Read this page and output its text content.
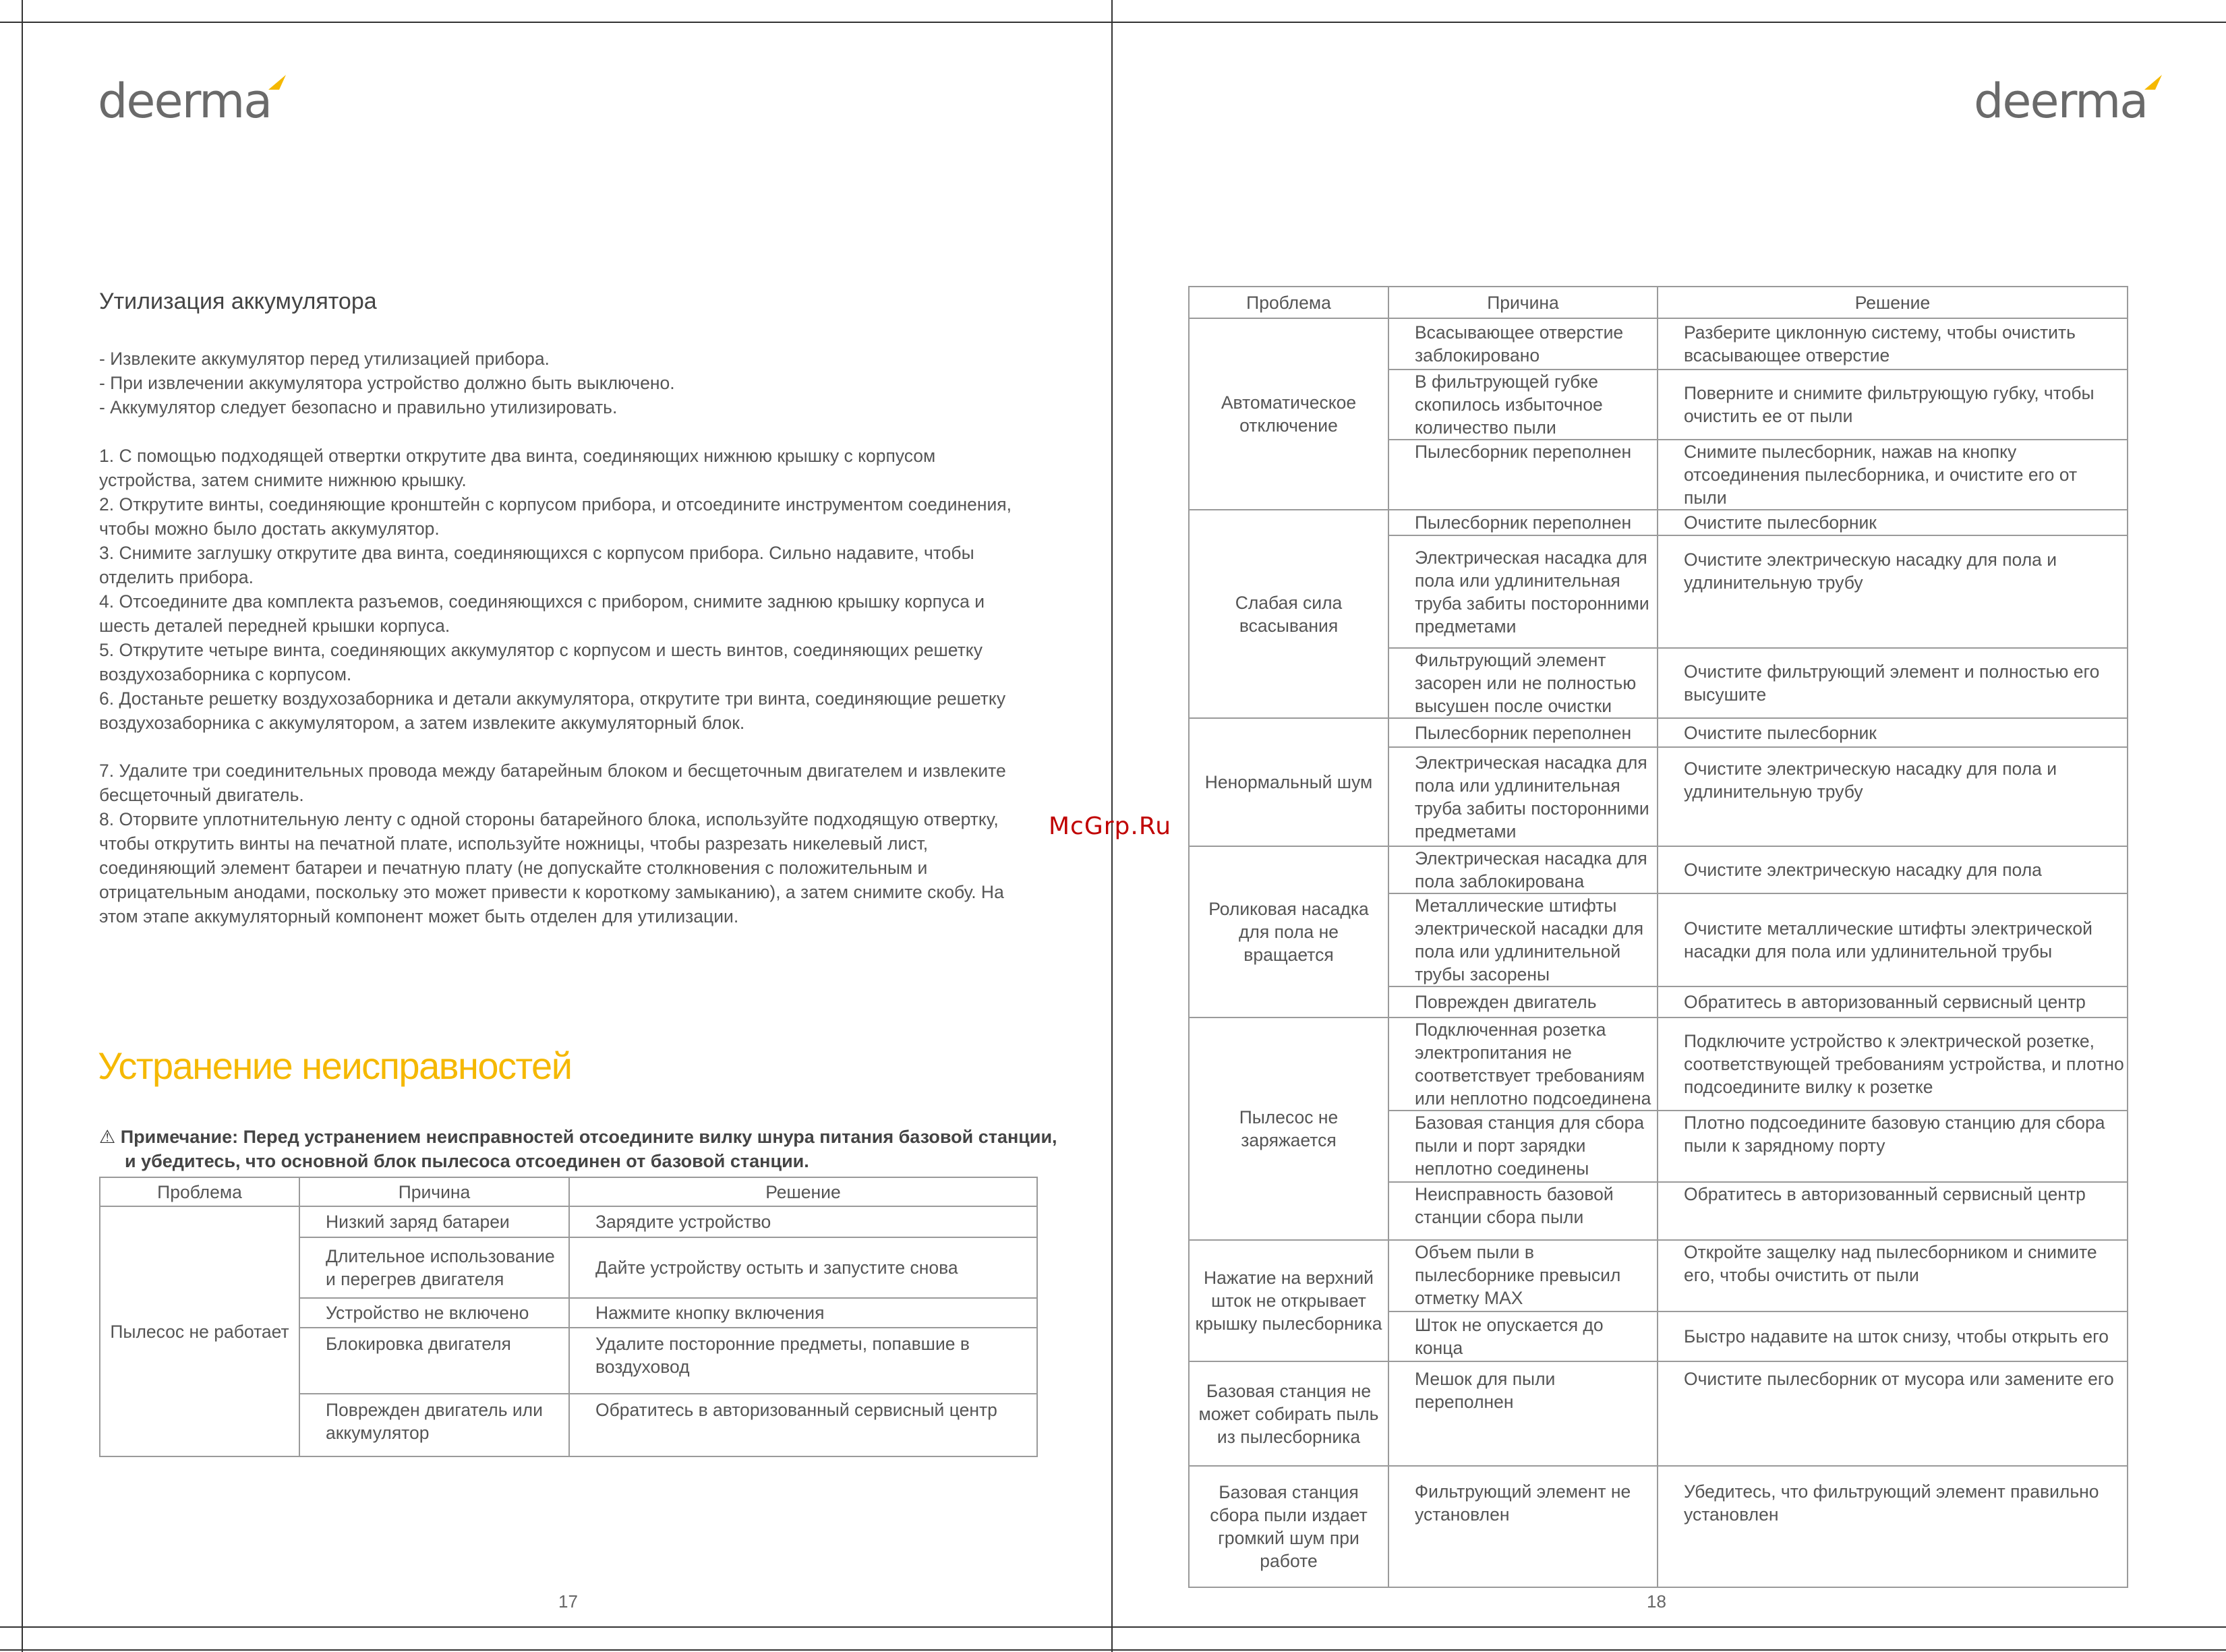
deerma
Утилизация аккумулятора

- Извлеките аккумулятор перед утилизацией прибора.

- При извлечении аккумулятора устройство должно быть выключено.

- Аккумулятор следует безопасно и правильно утилизировать.

1. С помощью подходящей отвертки открутите два винта, соединяющих нижнюю крышку с корпусом устройства, затем снимите нижнюю крышку.

2. Открутите винты, соединяющие кронштейн с корпусом прибора, и отсоедините инструментом соединения, чтобы можно было достать аккумулятор.

3. Снимите заглушку открутите два винта, соединяющихся с корпусом прибора. Сильно надавите, чтобы отделить прибора.

4. Отсоедините два комплекта разъемов, соединяющихся с прибором, снимите заднюю крышку корпуса и шесть деталей передней крышки корпуса.

5. Открутите четыре винта, соединяющих аккумулятор с корпусом и шесть винтов, соединяющих решетку воздухозаборника с корпусом.

6. Достаньте решетку воздухозаборника и детали аккумулятора, открутите три винта, соединяющие решетку воздухозаборника с аккумулятором, а затем извлеките аккумуляторный блок.

7. Удалите три соединительных провода между батарейным блоком и бесщеточным двигателем и извлеките бесщеточный двигатель.

8. Оторвите уплотнительную ленту с одной стороны батарейного блока, используйте подходящую отвертку, чтобы открутить винты на печатной плате, используйте ножницы, чтобы разрезать никелевый лист, соединяющий элемент батареи и печатную плату (не допускайте столкновения с положительным и отрицательным анодами, поскольку это может привести к короткому замыканию), а затем снимите скобу. На этом этапе аккумуляторный компонент может быть отделен для утилизации.

Устранение неисправностей
⚠ Примечание: Перед устранением неисправностей отсоедините вилку шнура питания базовой станции,
и убедитесь, что основной блок пылесоса отсоединен от базовой станции.
Проблема	Причина	Решение
Пылесос не работает	Низкий заряд батареи	Зарядите устройство
	Длительное использование и перегрев двигателя	Дайте устройству остыть и запустите снова
	Устройство не включено	Нажмите кнопку включения
	Блокировка двигателя	Удалите посторонние предметы, попавшие в воздуховод
	Поврежден двигатель или аккумулятор	Обратитесь в авторизованный сервисный центр
17
deerma
Проблема	Причина	Решение
Автоматическое отключение	Всасывающее отверстие заблокировано	Разберите циклонную систему, чтобы очистить всасывающее отверстие
	В фильтрующей губке скопилось избыточное количество пыли	Поверните и снимите фильтрующую губку, чтобы очистить ее от пыли
	Пылесборник переполнен	Снимите пылесборник, нажав на кнопку отсоединения пылесборника, и очистите его от пыли
Слабая сила всасывания	Пылесборник переполнен	Очистите пылесборник
	Электрическая насадка для пола или удлинительная труба забиты посторонними предметами	Очистите электрическую насадку для пола и удлинительную трубу
	Фильтрующий элемент засорен или не полностью высушен после очистки	Очистите фильтрующий элемент и полностью его высушите
Ненормальный шум	Пылесборник переполнен	Очистите пылесборник
	Электрическая насадка для пола или удлинительная труба забиты посторонними предметами	Очистите электрическую насадку для пола и удлинительную трубу
Роликовая насадка для пола не вращается	Электрическая насадка для пола заблокирована	Очистите электрическую насадку для пола
	Металлические штифты электрической насадки для пола или удлинительной трубы засорены	Очистите металлические штифты электрической насадки для пола или удлинительной трубы
	Поврежден двигатель	Обратитесь в авторизованный сервисный центр
Пылесос не заряжается	Подключенная розетка электропитания не соответствует требованиям или неплотно подсоединена	Подключите устройство к электрической розетке, соответствующей требованиям устройства, и плотно подсоедините вилку к розетке
	Базовая станция для сбора пыли и порт зарядки неплотно соединены	Плотно подсоедините базовую станцию для сбора пыли к зарядному порту
	Неисправность базовой станции сбора пыли	Обратитесь в авторизованный сервисный центр
Нажатие на верхний шток не открывает крышку пылесборника	Объем пыли в пылесборнике превысил отметку MAX	Откройте защелку над пылесборником и снимите его, чтобы очистить от пыли
	Шток не опускается до конца	Быстро надавите на шток снизу, чтобы открыть его
Базовая станция не может собирать пыль из пылесборника	Мешок для пыли переполнен	Очистите пылесборник от мусора или замените его
Базовая станция сбора пыли издает громкий шум при работе	Фильтрующий элемент не установлен	Убедитесь, что фильтрующий элемент правильно установлен
18
McGrp.Ru
